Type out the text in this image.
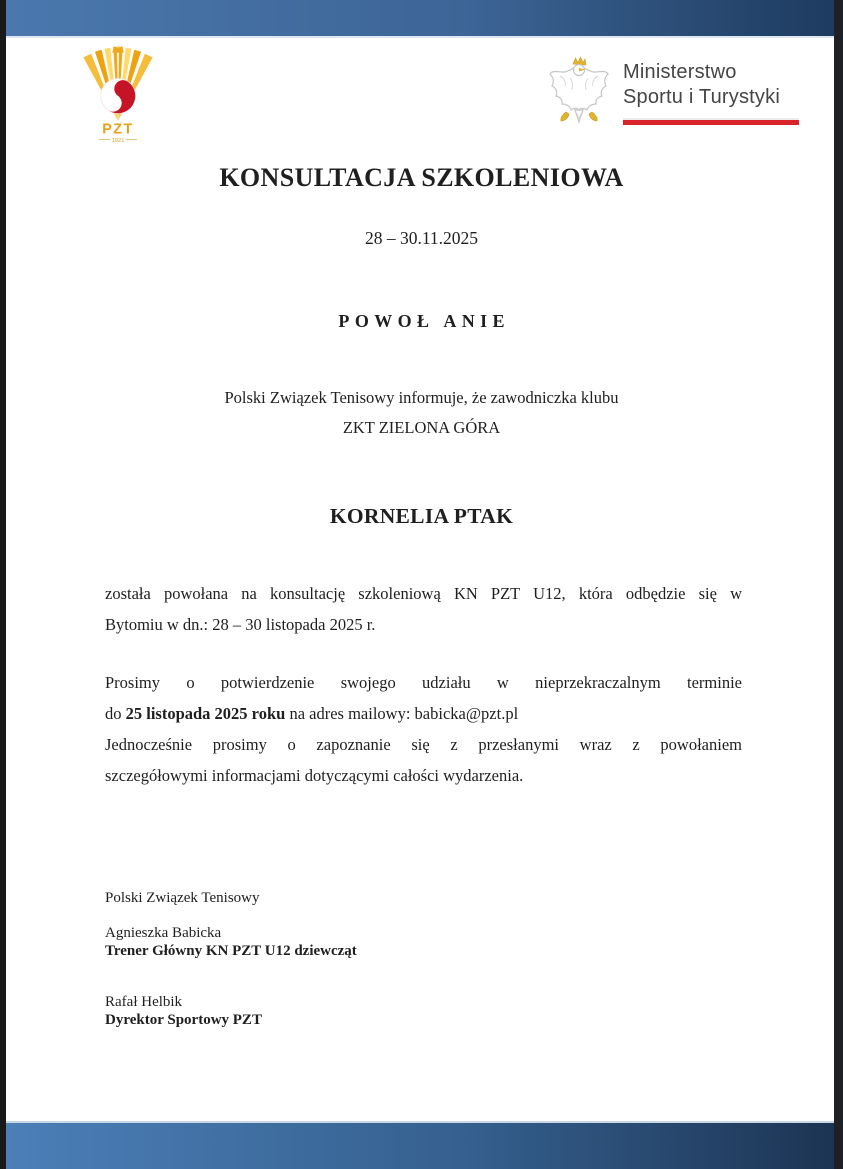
PZT
1921
Ministerstwo
Sportu i Turystyki
KONSULTACJA SZKOLENIOWA
28 – 30.11.2025
POWOŁ ANIE
Polski Związek Tenisowy informuje, że zawodniczka klubu
ZKT ZIELONA GÓRA
KORNELIA PTAK
została powołana na konsultację szkoleniową KN PZT U12, która odbędzie się w
Bytomiu w dn.: 28 – 30 listopada 2025 r.
Prosimy o potwierdzenie swojego udziału w nieprzekraczalnym terminie
do 25 listopada 2025 roku na adres mailowy: babicka@pzt.pl
Jednocześnie prosimy o zapoznanie się z przesłanymi wraz z powołaniem
szczegółowymi informacjami dotyczącymi całości wydarzenia.
Polski Związek Tenisowy
Agnieszka Babicka
Trener Główny KN PZT U12 dziewcząt
Rafał Helbik
Dyrektor Sportowy PZT
